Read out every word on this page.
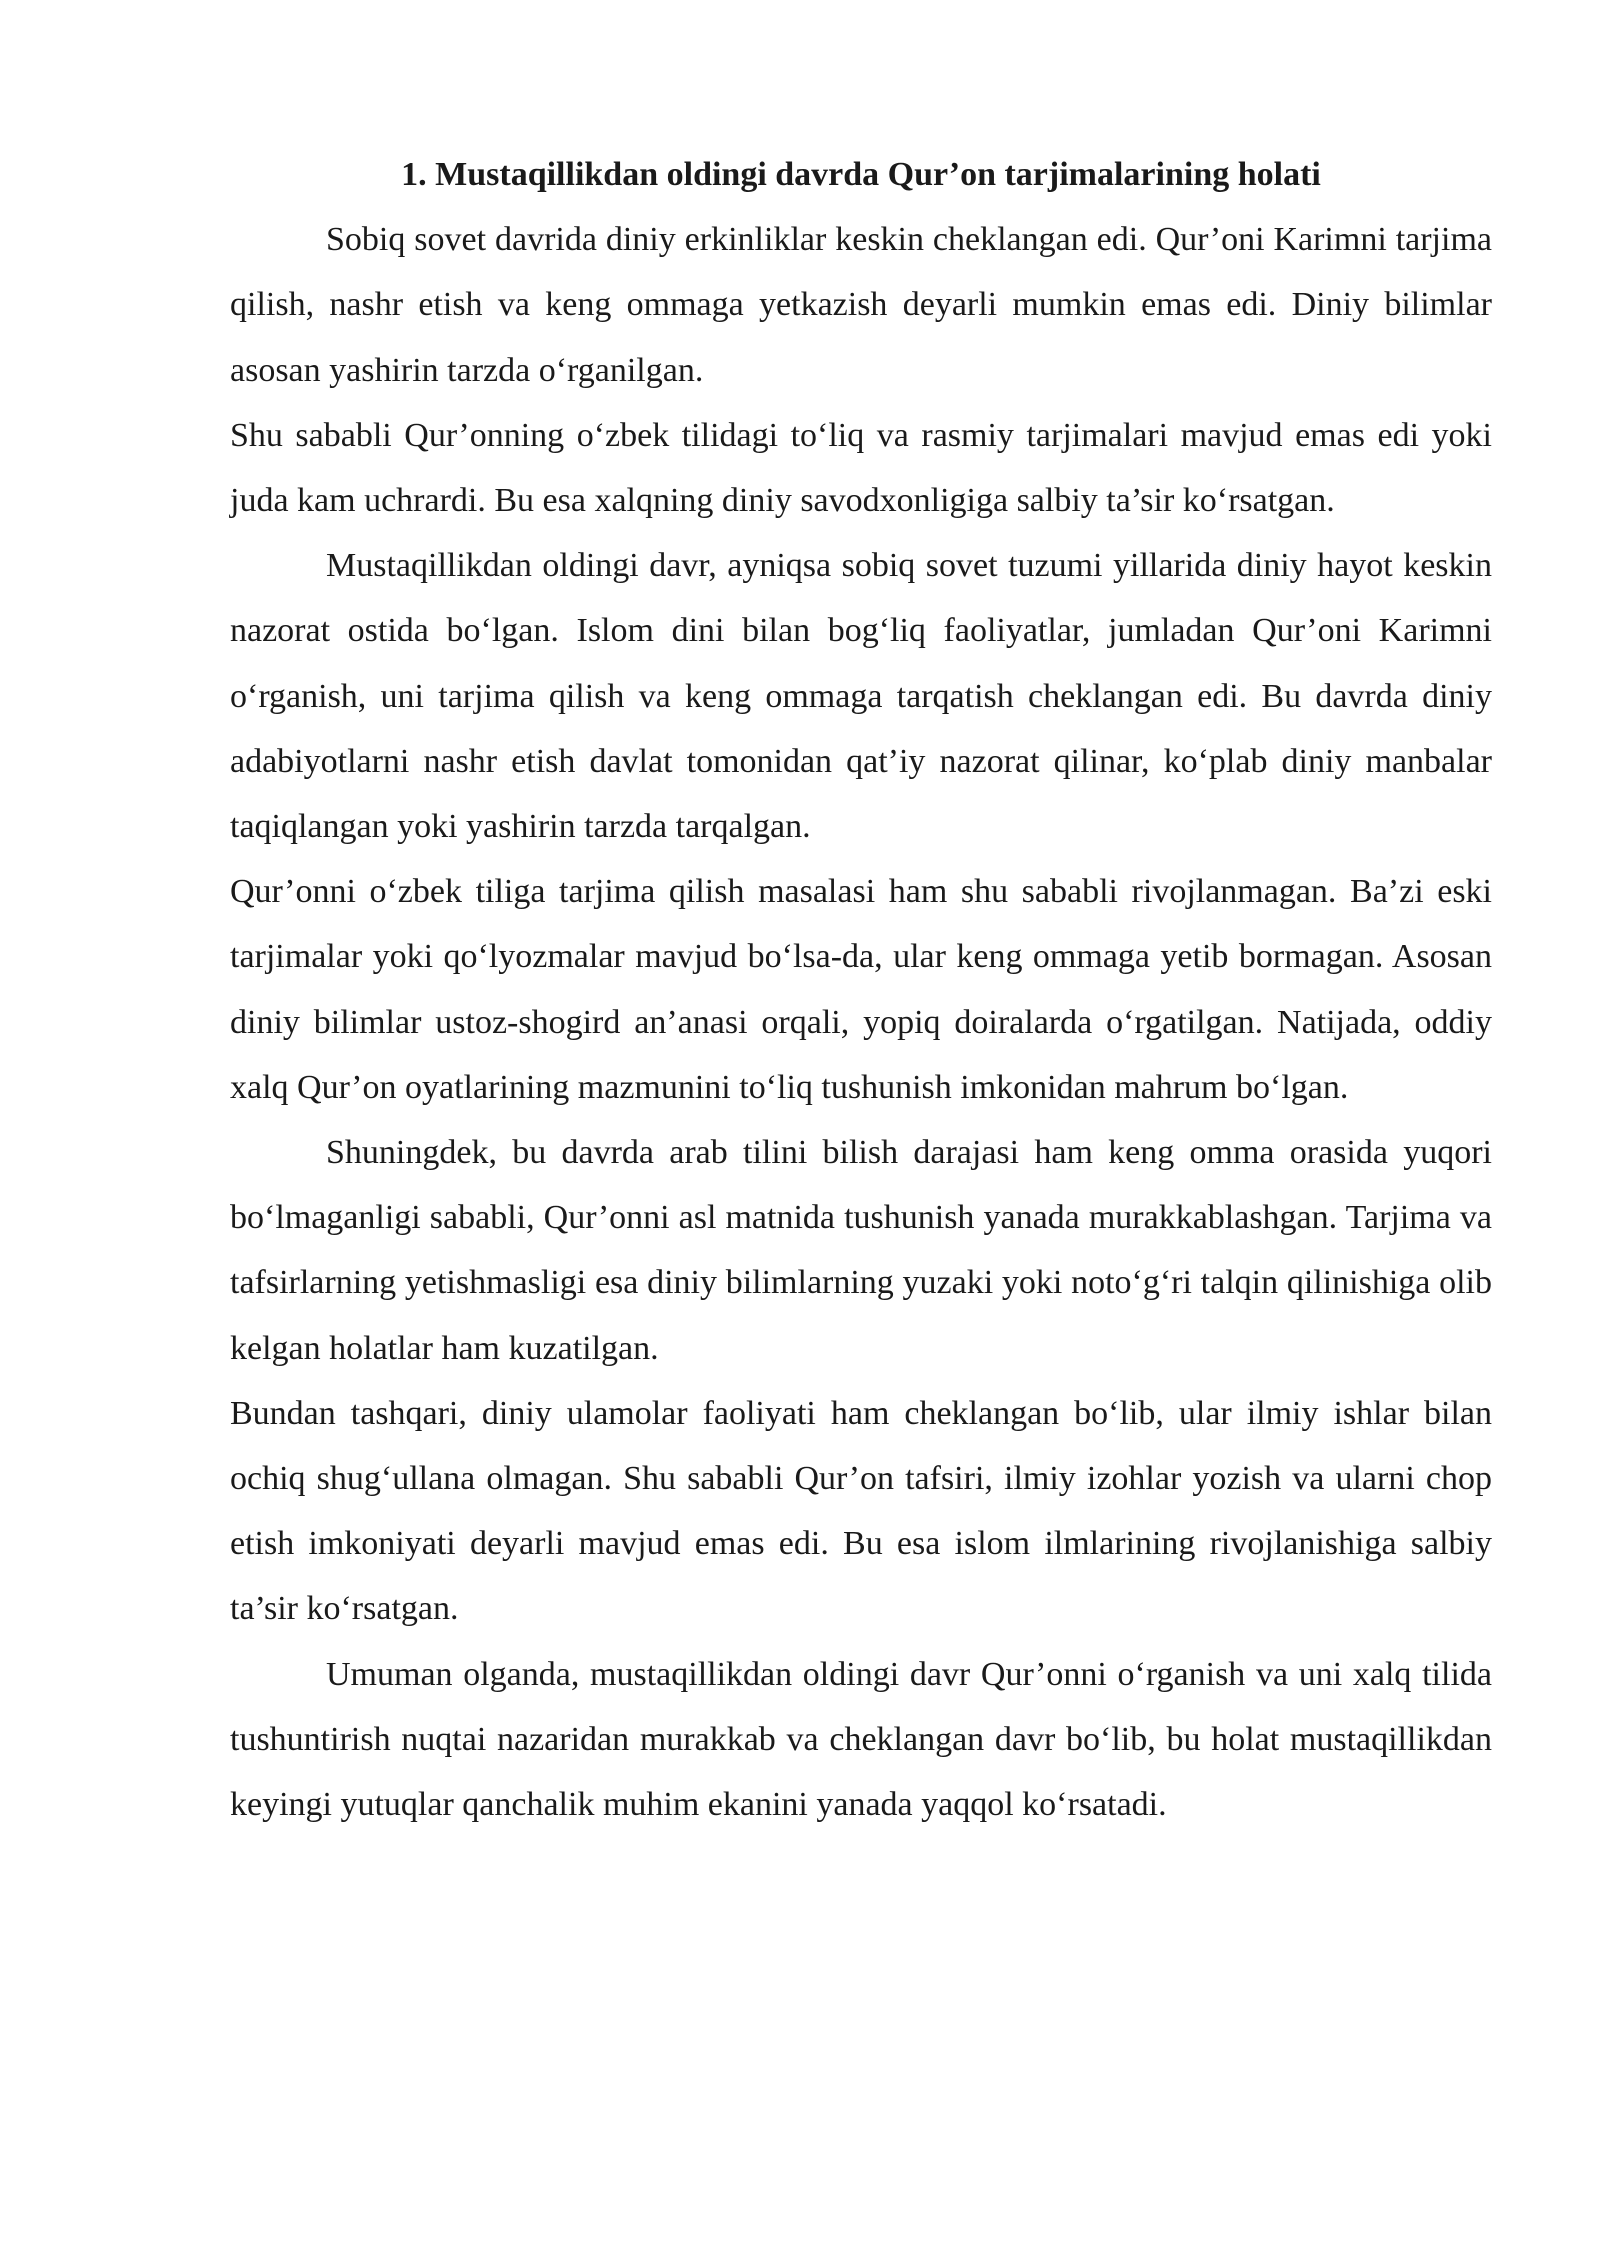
1. Mustaqillikdan oldingi davrda Qur’on tarjimalarining holati

Sobiq sovet davrida diniy erkinliklar keskin cheklangan edi. Qur’oni Karimni tarjima qilish, nashr etish va keng ommaga yetkazish deyarli mumkin emas edi. Diniy bilimlar asosan yashirin tarzda o‘rganilgan.

Shu sababli Qur’onning o‘zbek tilidagi to‘liq va rasmiy tarjimalari mavjud emas edi yoki juda kam uchrardi. Bu esa xalqning diniy savodxonligiga salbiy ta’sir ko‘rsatgan.

Mustaqillikdan oldingi davr, ayniqsa sobiq sovet tuzumi yillarida diniy hayot keskin nazorat ostida bo‘lgan. Islom dini bilan bog‘liq faoliyatlar, jumladan Qur’oni Karimni o‘rganish, uni tarjima qilish va keng ommaga tarqatish cheklangan edi. Bu davrda diniy adabiyotlarni nashr etish davlat tomonidan qat’iy nazorat qilinar, ko‘plab diniy manbalar taqiqlangan yoki yashirin tarzda tarqalgan.

Qur’onni o‘zbek tiliga tarjima qilish masalasi ham shu sababli rivojlanmagan. Ba’zi eski tarjimalar yoki qo‘lyozmalar mavjud bo‘lsa-da, ular keng ommaga yetib bormagan. Asosan diniy bilimlar ustoz-shogird an’anasi orqali, yopiq doiralarda o‘rgatilgan. Natijada, oddiy xalq Qur’on oyatlarining mazmunini to‘liq tushunish imkonidan mahrum bo‘lgan.

Shuningdek, bu davrda arab tilini bilish darajasi ham keng omma orasida yuqori bo‘lmaganligi sababli, Qur’onni asl matnida tushunish yanada murakkablashgan. Tarjima va tafsirlarning yetishmasligi esa diniy bilimlarning yuzaki yoki noto‘g‘ri talqin qilinishiga olib kelgan holatlar ham kuzatilgan.

Bundan tashqari, diniy ulamolar faoliyati ham cheklangan bo‘lib, ular ilmiy ishlar bilan ochiq shug‘ullana olmagan. Shu sababli Qur’on tafsiri, ilmiy izohlar yozish va ularni chop etish imkoniyati deyarli mavjud emas edi. Bu esa islom ilmlarining rivojlanishiga salbiy ta’sir ko‘rsatgan.

Umuman olganda, mustaqillikdan oldingi davr Qur’onni o‘rganish va uni xalq tilida tushuntirish nuqtai nazaridan murakkab va cheklangan davr bo‘lib, bu holat mustaqillikdan keyingi yutuqlar qanchalik muhim ekanini yanada yaqqol ko‘rsatadi.
